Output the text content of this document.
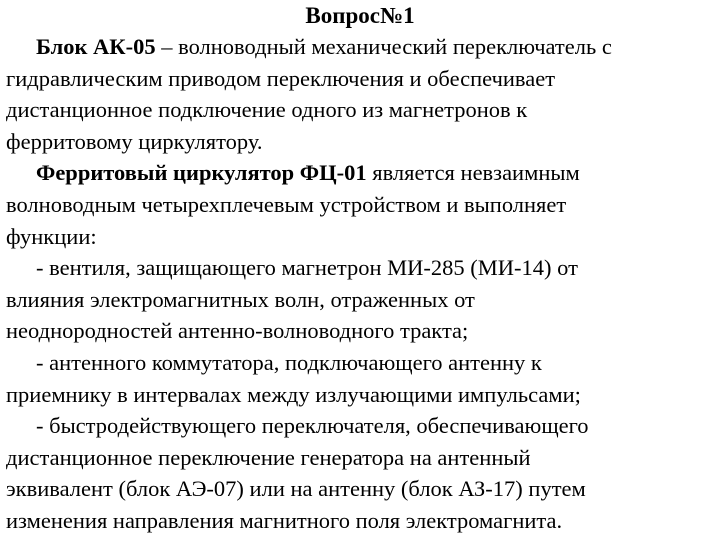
Вопрос№1
Блок АК-05 – волноводный механический переключатель с
гидравлическим приводом переключения и обеспечивает
дистанционное подключение одного из магнетронов к
ферритовому циркулятору.
Ферритовый циркулятор ФЦ-01 является невзаимным
волноводным четырехплечевым устройством и выполняет
функции:
- вентиля, защищающего магнетрон МИ-285 (МИ-14) от
влияния электромагнитных волн, отраженных от
неоднородностей антенно-волноводного тракта;
- антенного коммутатора, подключающего антенну к
приемнику в интервалах между излучающими импульсами;
- быстродействующего переключателя, обеспечивающего
дистанционное переключение генератора на антенный
эквивалент (блок АЭ-07) или на антенну (блок АЗ-17) путем
изменения направления магнитного поля электромагнита.
